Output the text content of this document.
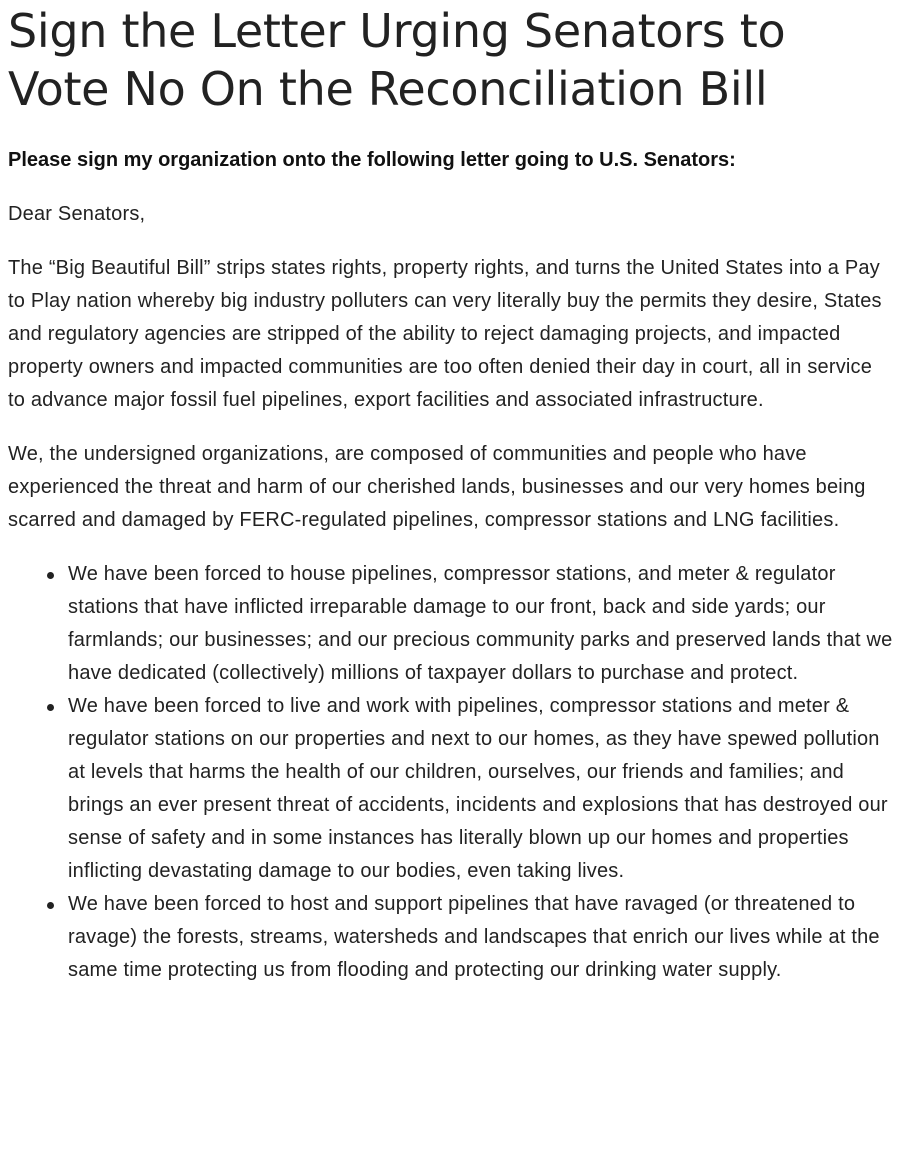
Sign the Letter Urging Senators to Vote No On the Reconciliation Bill

Please sign my organization onto the following letter going to U.S. Senators:

Dear Senators,

The “Big Beautiful Bill” strips states rights, property rights, and turns the United States into a Pay to Play nation whereby big industry polluters can very literally buy the permits they desire, States and regulatory agencies are stripped of the ability to reject damaging projects, and impacted property owners and impacted communities are too often denied their day in court, all in service to advance major fossil fuel pipelines, export facilities and associated infrastructure.

We, the undersigned organizations, are composed of communities and people who have experienced the threat and harm of our cherished lands, businesses and our very homes being scarred and damaged by FERC-regulated pipelines, compressor stations and LNG facilities.

We have been forced to house pipelines, compressor stations, and meter & regulator stations that have inflicted irreparable damage to our front, back and side yards; our farmlands; our businesses; and our precious community parks and preserved lands that we have dedicated (collectively) millions of taxpayer dollars to purchase and protect.
We have been forced to live and work with pipelines, compressor stations and meter & regulator stations on our properties and next to our homes, as they have spewed pollution at levels that harms the health of our children, ourselves, our friends and families; and brings an ever present threat of accidents, incidents and explosions that has destroyed our sense of safety and in some instances has literally blown up our homes and properties inflicting devastating damage to our bodies, even taking lives.
We have been forced to host and support pipelines that have ravaged (or threatened to ravage) the forests, streams, watersheds and landscapes that enrich our lives while at the same time protecting us from flooding and protecting our drinking water supply.
